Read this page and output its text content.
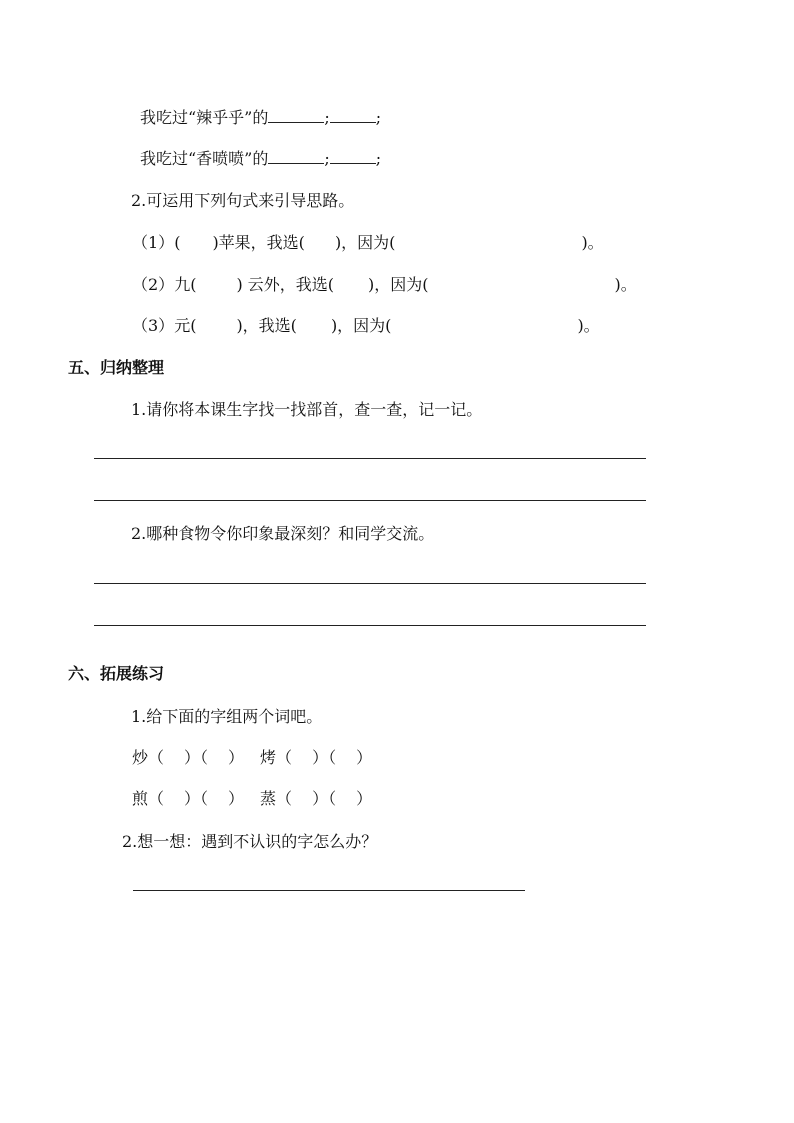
我吃过“辣乎乎”的	;	;
我吃过“香喷喷”的	;	;
2.可运用下列句式来引导思路。
（1）( )苹果，我选( )，因为(	)。
（2）九(	) 云外，我选( )，因为(	)。
（3）元(	)，我选( )，因为(	)。
五、归纳整理
1.请你将本课生字找一找部首，查一查，记一记。
2.哪种食物令你印象最深刻？和同学交流。
六、拓展练习
1.给下面的字组两个词吧。
炒（ ）（ ） 烤（ ）（ ）
煎（ ）（ ） 蒸（ ）（ ）
2.想一想：遇到不认识的字怎么办？
